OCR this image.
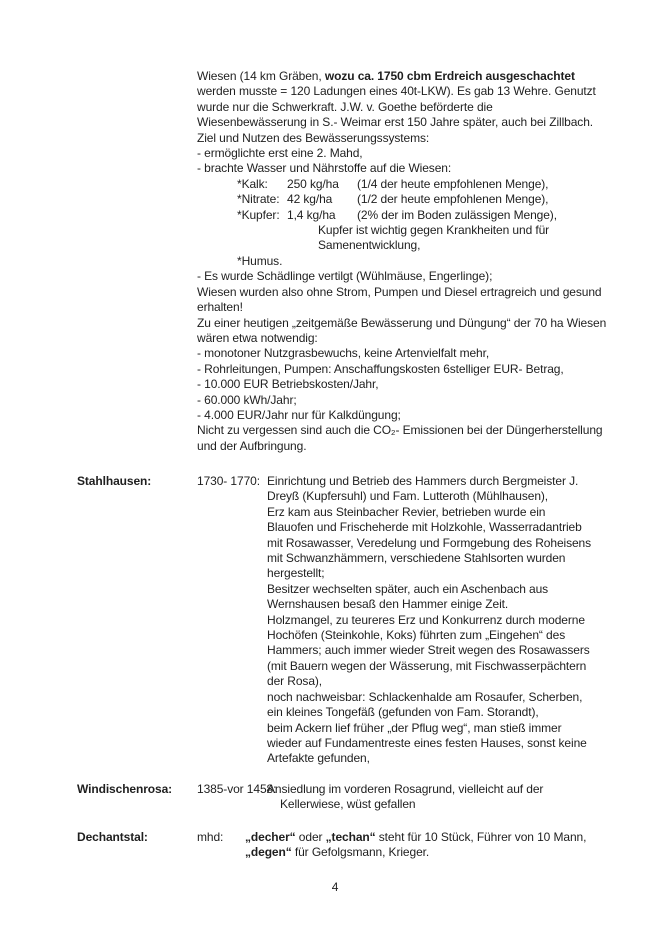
Wiesen (14 km Gräben, wozu ca. 1750 cbm Erdreich ausgeschachtet
werden musste = 120 Ladungen eines 40t-LKW). Es gab 13 Wehre. Genutzt
wurde nur die Schwerkraft. J.W. v. Goethe beförderte die
Wiesenbewässerung in S.- Weimar erst 150 Jahre später, auch bei Zillbach.
Ziel und Nutzen des Bewässerungssystems:
- ermöglichte erst eine 2. Mahd,
- brachte Wasser und Nährstoffe auf die Wiesen:
*Kalk: 250 kg/ha (1/4 der heute empfohlenen Menge),
*Nitrate: 42 kg/ha (1/2 der heute empfohlenen Menge),
*Kupfer: 1,4 kg/ha (2% der im Boden zulässigen Menge),
Kupfer ist wichtig gegen Krankheiten und für
Samenentwicklung,
*Humus.
- Es wurde Schädlinge vertilgt (Wühlmäuse, Engerlinge);
Wiesen wurden also ohne Strom, Pumpen und Diesel ertragreich und gesund
erhalten!
Zu einer heutigen „zeitgemäße Bewässerung und Düngung“ der 70 ha Wiesen
wären etwa notwendig:
- monotoner Nutzgrasbewuchs, keine Artenvielfalt mehr,
- Rohrleitungen, Pumpen: Anschaffungskosten 6stelliger EUR- Betrag,
- 10.000 EUR Betriebskosten/Jahr,
- 60.000 kWh/Jahr;
- 4.000 EUR/Jahr nur für Kalkdüngung;
Nicht zu vergessen sind auch die CO₂- Emissionen bei der Düngerherstellung
und der Aufbringung.
Stahlhausen:	1730- 1770: Einrichtung und Betrieb des Hammers durch Bergmeister J.
Dreyß (Kupfersuhl) und Fam. Lutteroth (Mühlhausen),
Erz kam aus Steinbacher Revier, betrieben wurde ein
Blauofen und Frischeherde mit Holzkohle, Wasserradantrieb
mit Rosawasser, Veredelung und Formgebung des Roheisens
mit Schwanzhämmern, verschiedene Stahlsorten wurden
hergestellt;
Besitzer wechselten später, auch ein Aschenbach aus
Wernshausen besaß den Hammer einige Zeit.
Holzmangel, zu teureres Erz und Konkurrenz durch moderne
Hochöfen (Steinkohle, Koks) führten zum „Eingehen“ des
Hammers; auch immer wieder Streit wegen des Rosawassers
(mit Bauern wegen der Wässerung, mit Fischwasserpächtern
der Rosa),
noch nachweisbar: Schlackenhalde am Rosaufer, Scherben,
ein kleines Tongefäß (gefunden von Fam. Storandt),
beim Ackern lief früher „der Pflug weg“, man stieß immer
wieder auf Fundamentreste eines festen Hauses, sonst keine
Artefakte gefunden,
Windischenrosa: 1385-vor 1458:
Ansiedlung im vorderen Rosagrund, vielleicht auf der
Kellerwiese, wüst gefallen
Dechantstal:	mhd: „decher“ oder „techan“ steht für 10 Stück, Führer von 10 Mann,
„degen“ für Gefolgsmann, Krieger.
4
